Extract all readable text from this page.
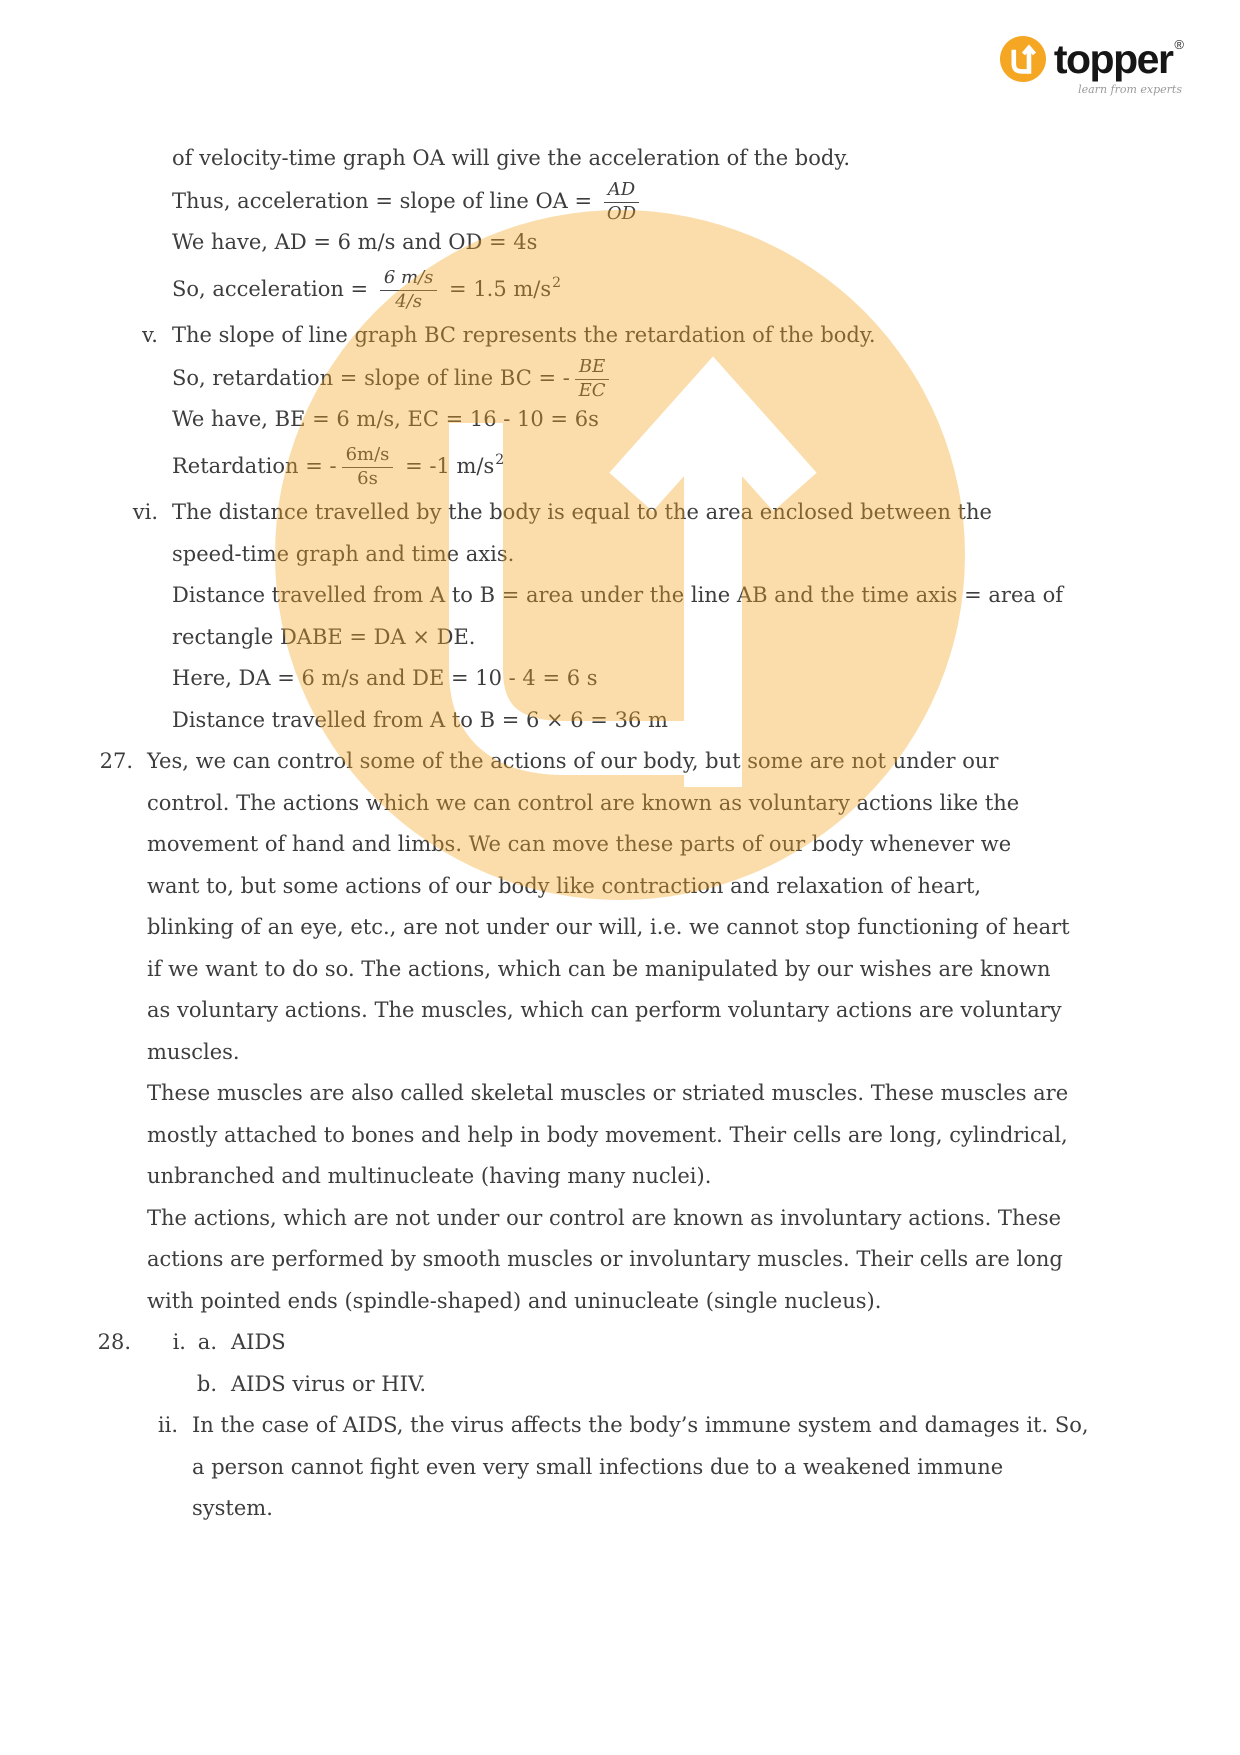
topper ®
learn from experts
of velocity-time graph OA will give the acceleration of the body.
Thus, acceleration = slope of line OA = $\frac{AD}{OD}$
We have, AD = 6 m/s and OD = 4s
So, acceleration = $\frac{6 m/s}{4/s} = 1.5$ $m/s^2$
v. The slope of line graph BC represents the retardation of the body.
So, retardation = slope of line BC = - $\frac{BE}{EC}$
We have, BE = 6 m/s, EC = 16 - 10 = 6s
Retardation = - $\frac{6m/s}{6s} = -1$ $m/s^2$
vi. The distance travelled by the body is equal to the area enclosed between the
speed-time graph and time axis.
Distance travelled from A to B = area under the line AB and the time axis = area of
rectangle DABE = DA × DE.
Here, DA = 6 m/s and DE = 10 - 4 = 6 s
Distance travelled from A to B = 6 × 6 = 36 m
27. Yes, we can control some of the actions of our body, but some are not under our
control. The actions which we can control are known as voluntary actions like the
movement of hand and limbs. We can move these parts of our body whenever we
want to, but some actions of our body like contraction and relaxation of heart,
blinking of an eye, etc., are not under our will, i.e. we cannot stop functioning of heart
if we want to do so. The actions, which can be manipulated by our wishes are known
as voluntary actions. The muscles, which can perform voluntary actions are voluntary
muscles.
These muscles are also called skeletal muscles or striated muscles. These muscles are
mostly attached to bones and help in body movement. Their cells are long, cylindrical,
unbranched and multinucleate (having many nuclei).
The actions, which are not under our control are known as involuntary actions. These
actions are performed by smooth muscles or involuntary muscles. Their cells are long
with pointed ends (spindle-shaped) and uninucleate (single nucleus).
a.
i.
28.	AIDS
b. AIDS virus or HIV.
ii. In the case of AIDS, the virus affects the body’s immune system and damages it. So,
a person cannot fight even very small infections due to a weakened immune
system.
